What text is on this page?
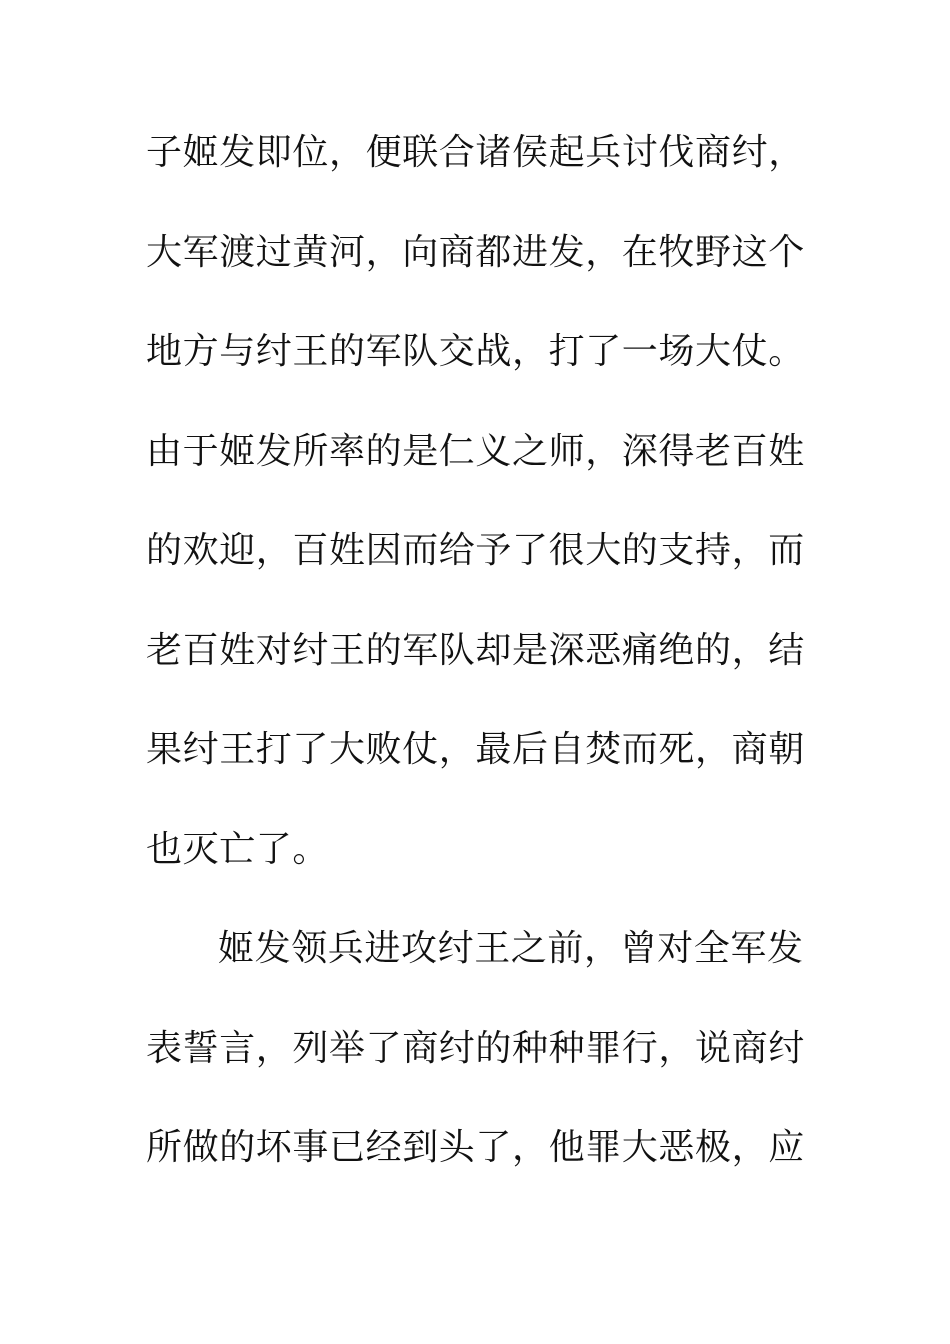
子姬发即位，便联合诸侯起兵讨伐商纣，
大军渡过黄河，向商都进发，在牧野这个
地方与纣王的军队交战，打了一场大仗。
由于姬发所率的是仁义之师，深得老百姓
的欢迎，百姓因而给予了很大的支持，而
老百姓对纣王的军队却是深恶痛绝的，结
果纣王打了大败仗，最后自焚而死，商朝
也灭亡了。
姬发领兵进攻纣王之前，曾对全军发
表誓言，列举了商纣的种种罪行，说商纣
所做的坏事已经到头了，他罪大恶极，应
